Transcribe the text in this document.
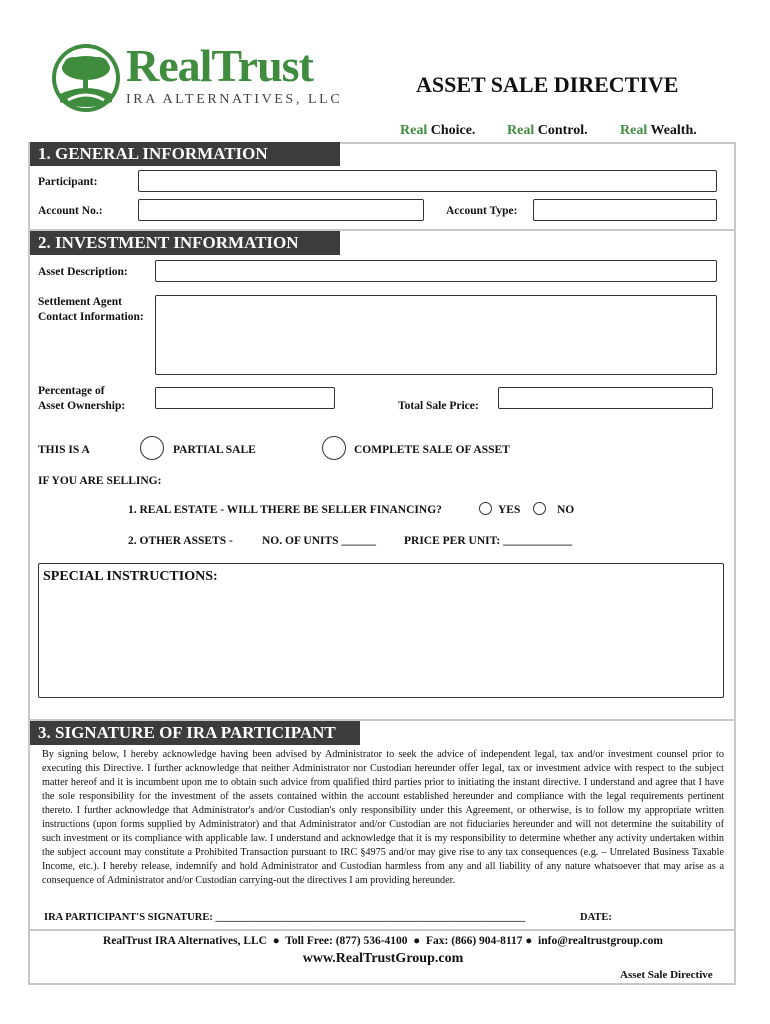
RealTrust
IRA ALTERNATIVES, LLC
ASSET SALE DIRECTIVE
Real Choice. Real Control. Real Wealth.
1. GENERAL INFORMATION
Participant:
Account No.:	Account Type:
2. INVESTMENT INFORMATION
Asset Description:
Settlement Agent
Contact Information:
Percentage of
Asset Ownership:	Total Sale Price:
THIS IS A	PARTIAL SALE	COMPLETE SALE OF ASSET
IF YOU ARE SELLING:
1. REAL ESTATE - WILL THERE BE SELLER FINANCING?	YES	NO
2. OTHER ASSETS -	NO. OF UNITS ______ PRICE PER UNIT: ____________
SPECIAL INSTRUCTIONS:
3. SIGNATURE OF IRA PARTICIPANT
By signing below, I hereby acknowledge having been advised by Administrator to seek the advice of independent legal, tax and/or investment counsel prior to executing this Directive. I further acknowledge that neither Administrator nor Custodian hereunder offer legal, tax or investment advice with respect to the subject matter hereof and it is incumbent upon me to obtain such advice from qualified third parties prior to initiating the instant directive. I understand and agree that I have the sole responsibility for the investment of the assets contained within the account established hereunder and compliance with the legal requirements pertinent thereto. I further acknowledge that Administrator's and/or Custodian's only responsibility under this Agreement, or otherwise, is to follow my appropriate written instructions (upon forms supplied by Administrator) and that Administrator and/or Custodian are not fiduciaries hereunder and will not determine the suitability of such investment or its compliance with applicable law. I understand and acknowledge that it is my responsibility to determine whether any activity undertaken within the subject account may constitute a Prohibited Transaction pursuant to IRC §4975 and/or may give rise to any tax consequences (e.g. – Unrelated Business Taxable Income, etc.). I hereby release, indemnify and hold Administrator and Custodian harmless from any and all liability of any nature whatsoever that may arise as a consequence of Administrator and/or Custodian carrying-out the directives I am providing hereunder.
IRA PARTICIPANT'S SIGNATURE: ___________________________________________________________	DATE:
RealTrust IRA Alternatives, LLC  ●  Toll Free: (877) 536-4100  ●  Fax: (866) 904-8117 ●  info@realtrustgroup.com
www.RealTrustGroup.com
Asset Sale Directive
